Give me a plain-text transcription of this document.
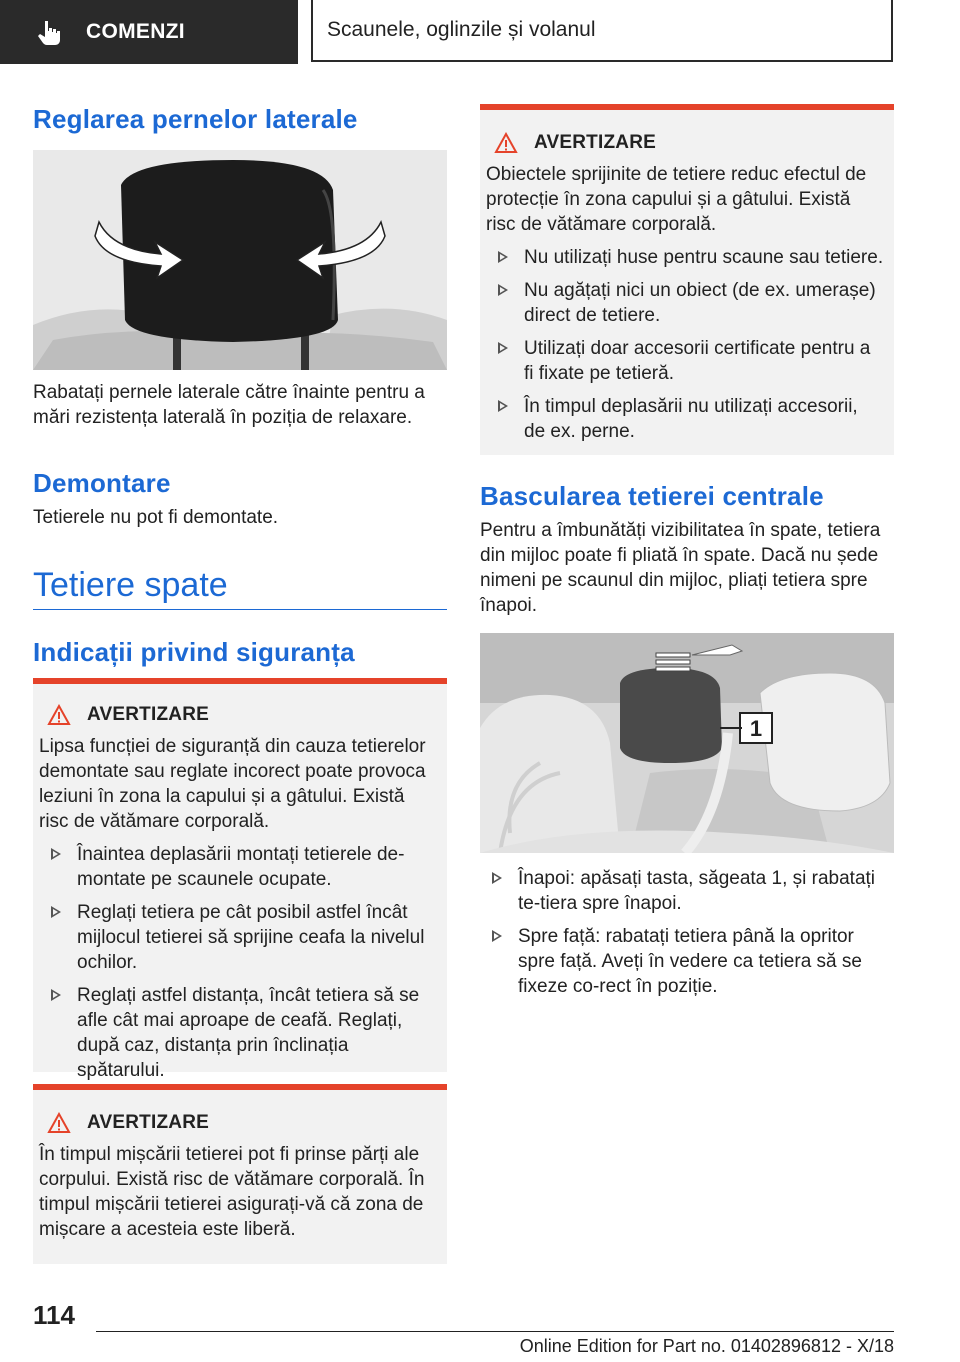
COMENZI	Scaunele, oglinzile și volanul
Reglarea pernelor laterale
Rabatați pernele laterale către înainte pentru a mări rezistența laterală în poziția de relaxare.
Demontare
Tetierele nu pot fi demontate.
Tetiere spate
Indicații privind siguranța
AVERTIZARE
Lipsa funcției de siguranță din cauza tetierelor demontate sau reglate incorect poate provoca leziuni în zona la capului și a gâtului. Există risc de vătămare corporală.
Înaintea deplasării montați tetierele de-montate pe scaunele ocupate.
Reglați tetiera pe cât posibil astfel încât mijlocul tetierei să sprijine ceafa la nivelul ochilor.
Reglați astfel distanța, încât tetiera să se afle cât mai aproape de ceafă. Reglați, după caz, distanța prin înclinația spătarului.
AVERTIZARE
În timpul mișcării tetierei pot fi prinse părți ale corpului. Există risc de vătămare corporală. În timpul mișcării tetierei asigurați-vă că zona de mișcare a acesteia este liberă.
AVERTIZARE
Obiectele sprijinite de tetiere reduc efectul de protecție în zona capului și a gâtului. Există risc de vătămare corporală.
Nu utilizați huse pentru scaune sau tetiere.
Nu agățați nici un obiect (de ex. umerașe) direct de tetiere.
Utilizați doar accesorii certificate pentru a fi fixate pe tetieră.
În timpul deplasării nu utilizați accesorii, de ex. perne.
Bascularea tetierei centrale
Pentru a îmbunătăți vizibilitatea în spate, tetiera din mijloc poate fi pliată în spate. Dacă nu șede nimeni pe scaunul din mijloc, pliați tetiera spre înapoi.
1
Înapoi: apăsați tasta, săgeata 1, și rabatați te-tiera spre înapoi.
Spre față: rabatați tetiera până la opritor spre față. Aveți în vedere ca tetiera să se fixeze co-rect în poziție.
114
Online Edition for Part no. 01402896812 - X/18
